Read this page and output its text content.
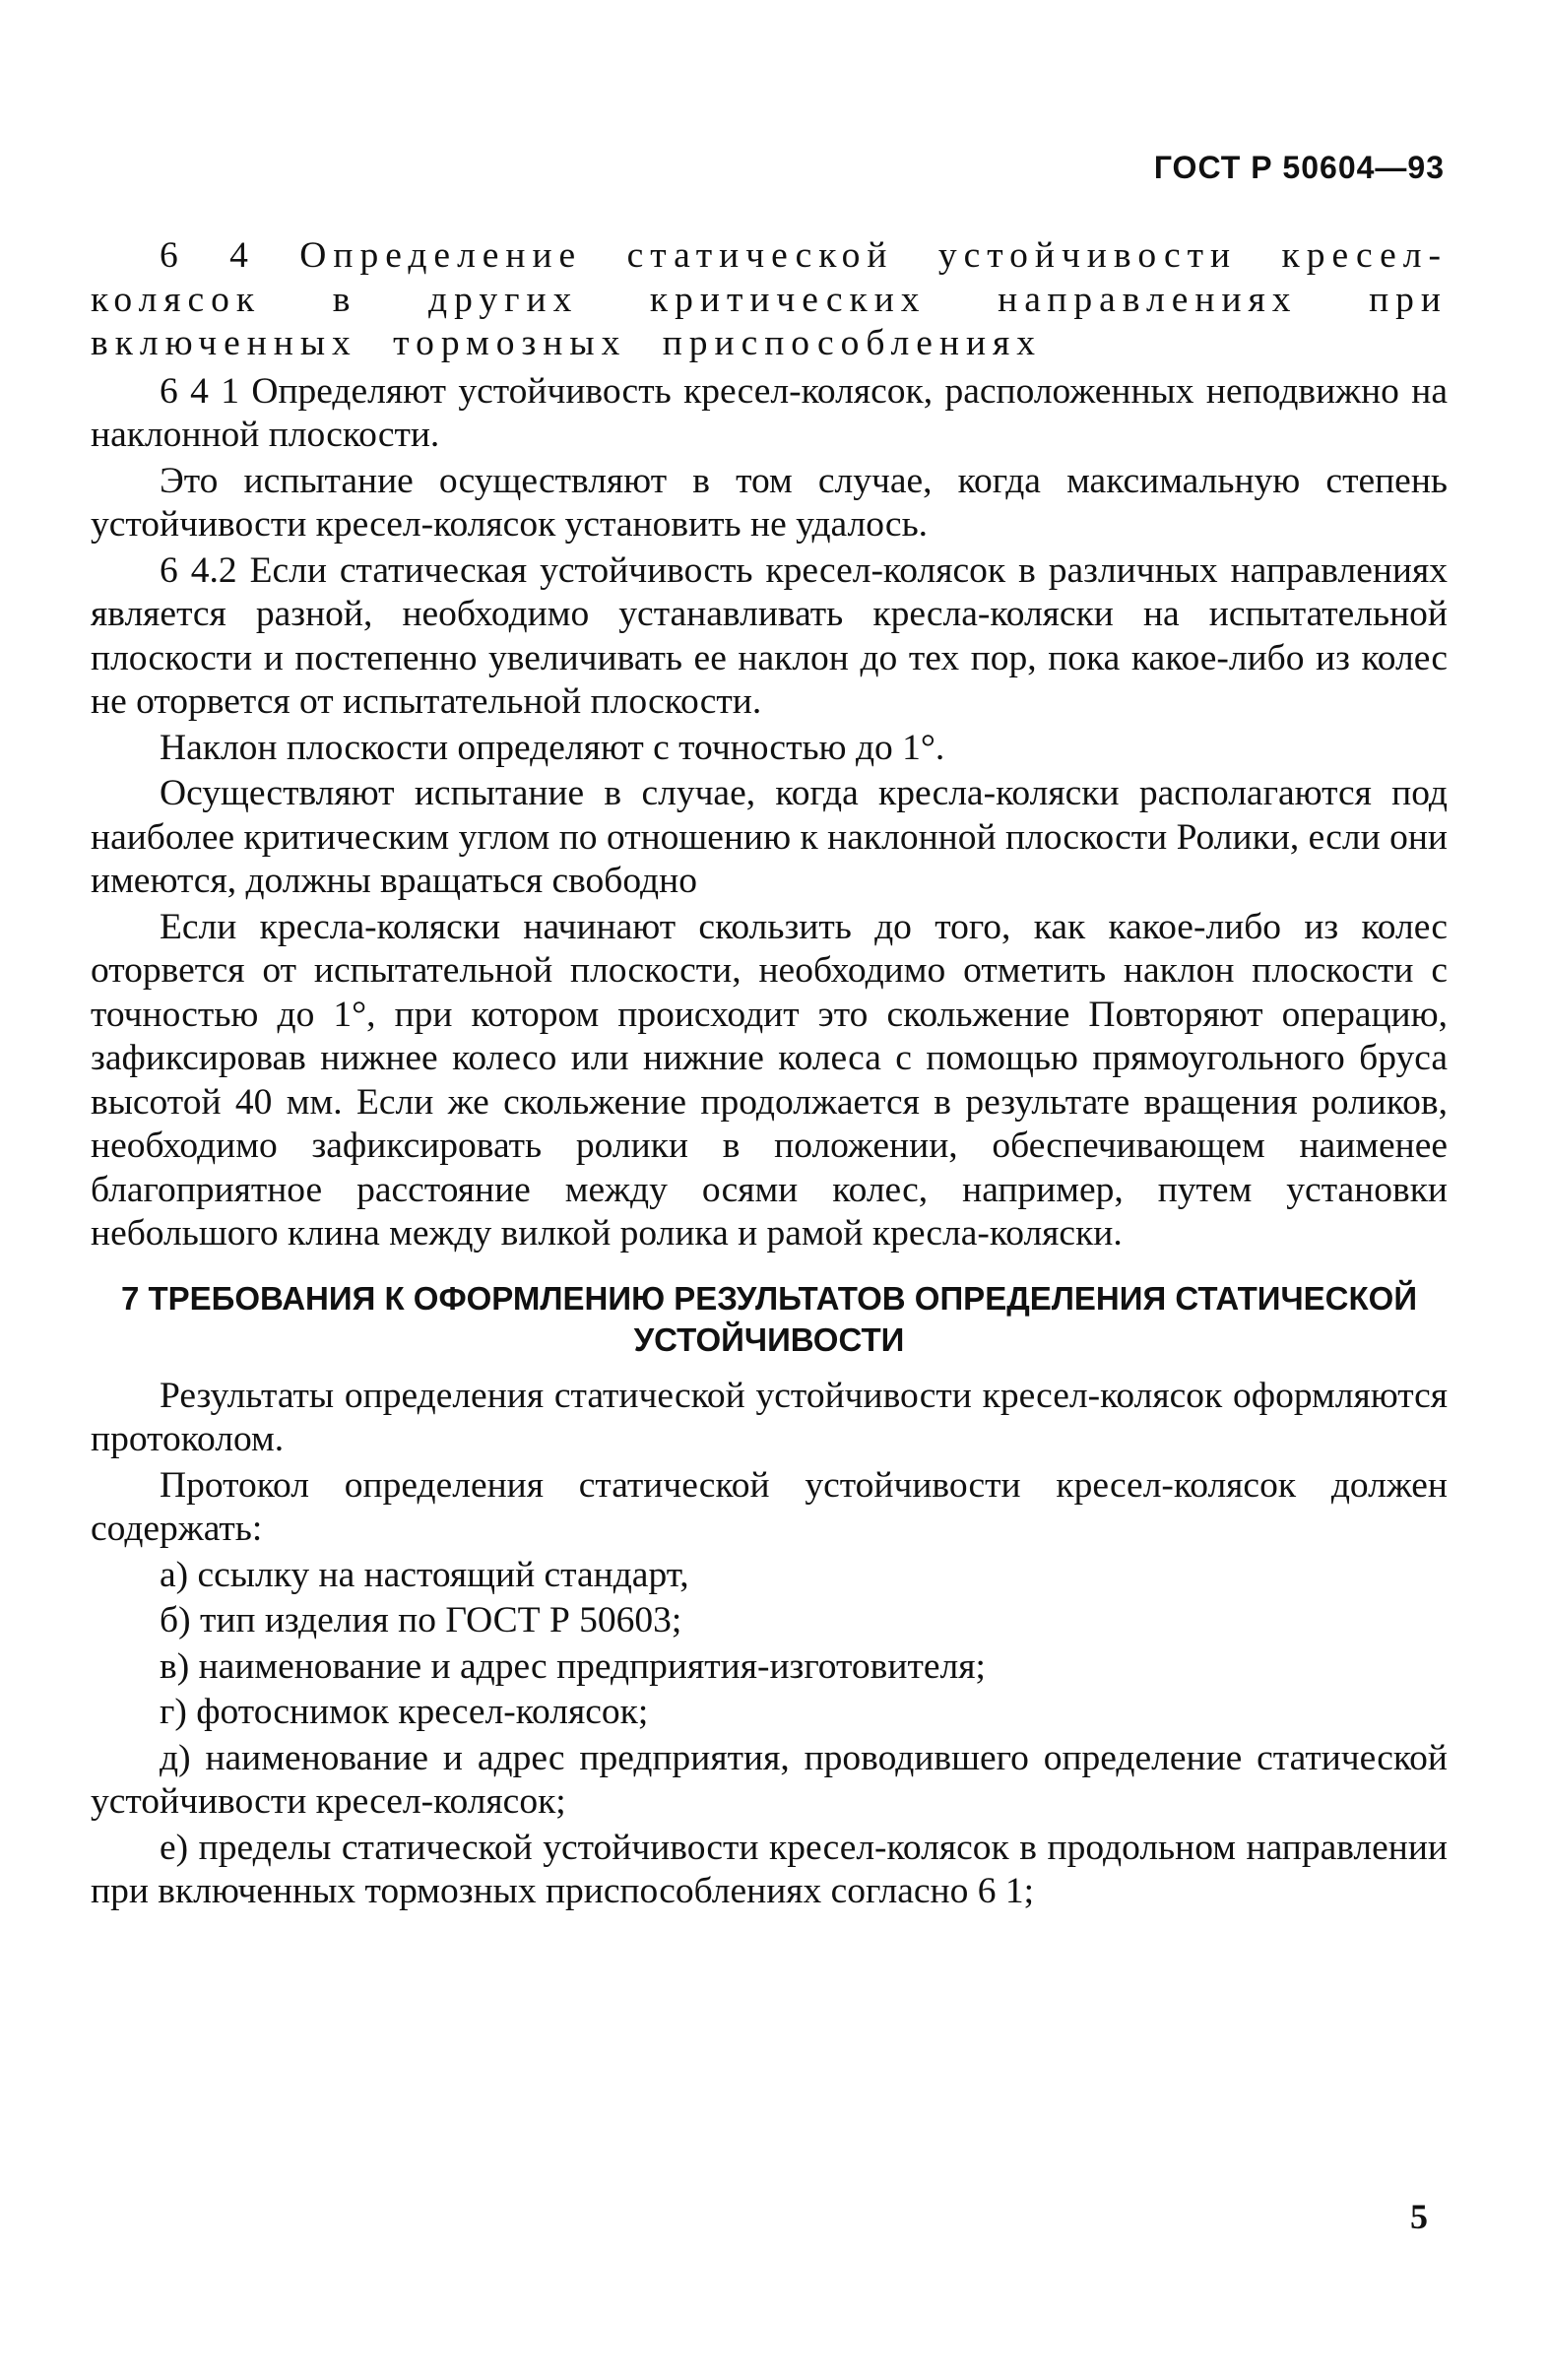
ГОСТ Р 50604—93

6 4 Определение статической устойчивости кресел-колясок в других критических направлениях при включенных тормозных приспособлениях

6 4 1 Определяют устойчивость кресел-колясок, расположенных неподвижно на наклонной плоскости.

Это испытание осуществляют в том случае, когда максимальную степень устойчивости кресел-колясок установить не удалось.

6 4.2 Если статическая устойчивость кресел-колясок в различных направлениях является разной, необходимо устанавливать кресла-коляски на испытательной плоскости и постепенно увеличивать ее наклон до тех пор, пока какое-либо из колес не оторвется от испытательной плоскости.

Наклон плоскости определяют с точностью до 1°.

Осуществляют испытание в случае, когда кресла-коляски располагаются под наиболее критическим углом по отношению к наклонной плоскости Ролики, если они имеются, должны вращаться свободно

Если кресла-коляски начинают скользить до того, как какое-либо из колес оторвется от испытательной плоскости, необходимо отметить наклон плоскости с точностью до 1°, при котором происходит это скольжение Повторяют операцию, зафиксировав нижнее колесо или нижние колеса с помощью прямоугольного бруса высотой 40 мм. Если же скольжение продолжается в результате вращения роликов, необходимо зафиксировать ролики в положении, обеспечивающем наименее благоприятное расстояние между осями колес, например, путем установки небольшого клина между вилкой ролика и рамой кресла-коляски.

7 ТРЕБОВАНИЯ К ОФОРМЛЕНИЮ РЕЗУЛЬТАТОВ ОПРЕДЕЛЕНИЯ СТАТИЧЕСКОЙ УСТОЙЧИВОСТИ

Результаты определения статической устойчивости кресел-колясок оформляются протоколом.

Протокол определения статической устойчивости кресел-колясок должен содержать:

а) ссылку на настоящий стандарт,

б) тип изделия по ГОСТ Р 50603;

в) наименование и адрес предприятия-изготовителя;

г) фотоснимок кресел-колясок;

д) наименование и адрес предприятия, проводившего определение статической устойчивости кресел-колясок;

е) пределы статической устойчивости кресел-колясок в продольном направлении при включенных тормозных приспособлениях согласно 6 1;

5
